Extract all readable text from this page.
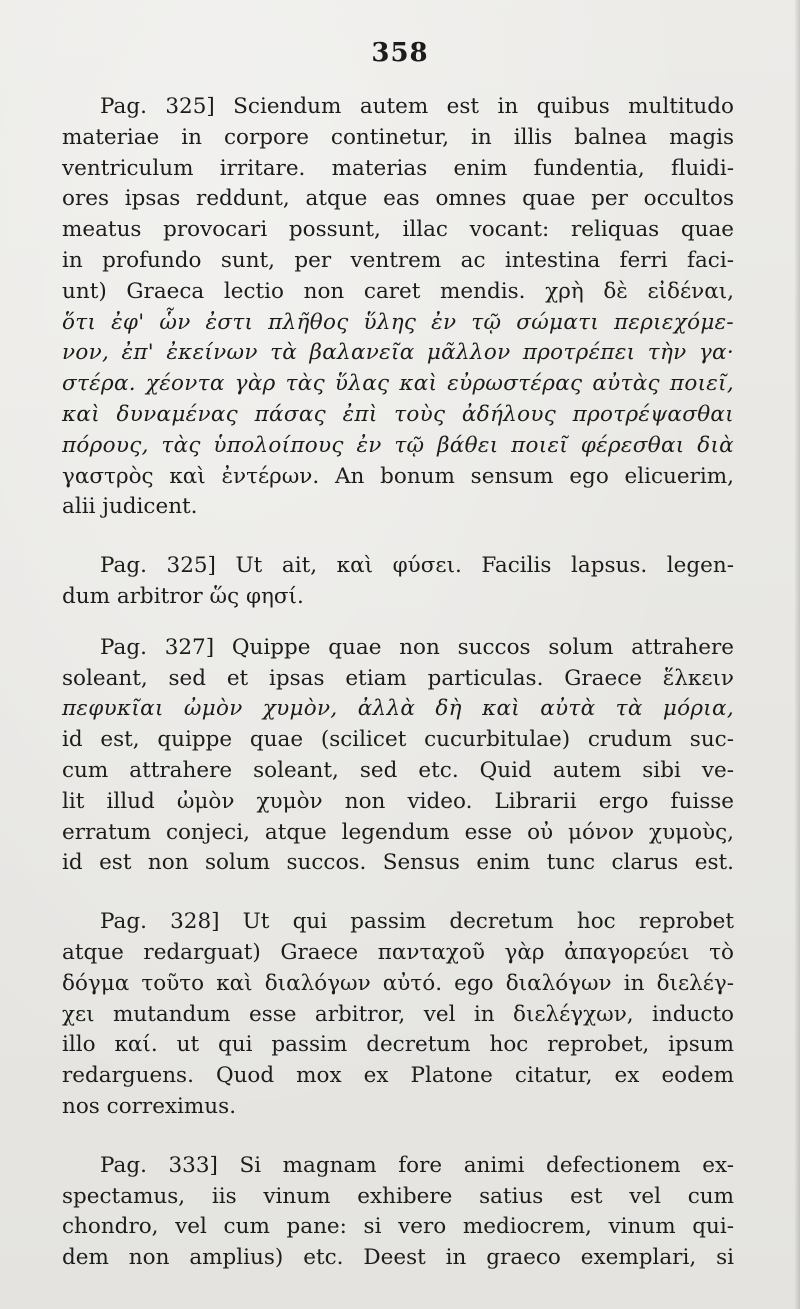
358
Pag. 325] Sciendum autem est in quibus multitudo
materiae in corpore continetur, in illis balnea magis
ventriculum irritare. materias enim fundentia, fluidi-
ores ipsas reddunt, atque eas omnes quae per occultos
meatus provocari possunt, illac vocant: reliquas quae
in profundo sunt, per ventrem ac intestina ferri faci-
unt) Graeca lectio non caret mendis. χρὴ δὲ εἰδέναι,
ὅτι ἐφ' ὧν ἐστι πλῆθος ὕλης ἐν τῷ σώματι περιεχόμε-
νον, ἐπ' ἐκείνων τὰ βαλανεῖα μᾶλλον προτρέπει τὴν γα·
στέρα. χέοντα γὰρ τὰς ὕλας καὶ εὐρωστέρας αὐτὰς ποιεῖ,
καὶ δυναμένας πάσας ἐπὶ τοὺς ἀδήλους προτρέψασθαι
πόρους, τὰς ὑπολοίπους ἐν τῷ βάθει ποιεῖ φέρεσθαι διὰ
γαστρὸς καὶ ἐντέρων. An bonum sensum ego elicuerim,
alii judicent.
Pag. 325] Ut ait, καὶ φύσει. Facilis lapsus. legen-
dum arbitror ὥς φησί.
Pag. 327] Quippe quae non succos solum attrahere
soleant, sed et ipsas etiam particulas. Graece ἕλκειν
πεφυκῖαι ὠμὸν χυμὸν, ἀλλὰ δὴ καὶ αὐτὰ τὰ μόρια,
id est, quippe quae (scilicet cucurbitulae) crudum suc-
cum attrahere soleant, sed etc. Quid autem sibi ve-
lit illud ὠμὸν χυμὸν non video. Librarii ergo fuisse
erratum conjeci, atque legendum esse οὐ μόνον χυμοὺς,
id est non solum succos. Sensus enim tunc clarus est.
Pag. 328] Ut qui passim decretum hoc reprobet
atque redarguat) Graece πανταχοῦ γὰρ ἀπαγορεύει τὸ
δόγμα τοῦτο καὶ διαλόγων αὐτό. ego διαλόγων in διελέγ-
χει mutandum esse arbitror, vel in διελέγχων, inducto
illo καί. ut qui passim decretum hoc reprobet, ipsum
redarguens. Quod mox ex Platone citatur, ex eodem
nos correximus.
Pag. 333] Si magnam fore animi defectionem ex-
spectamus, iis vinum exhibere satius est vel cum
chondro, vel cum pane: si vero mediocrem, vinum qui-
dem non amplius) etc. Deest in graeco exemplari, si
